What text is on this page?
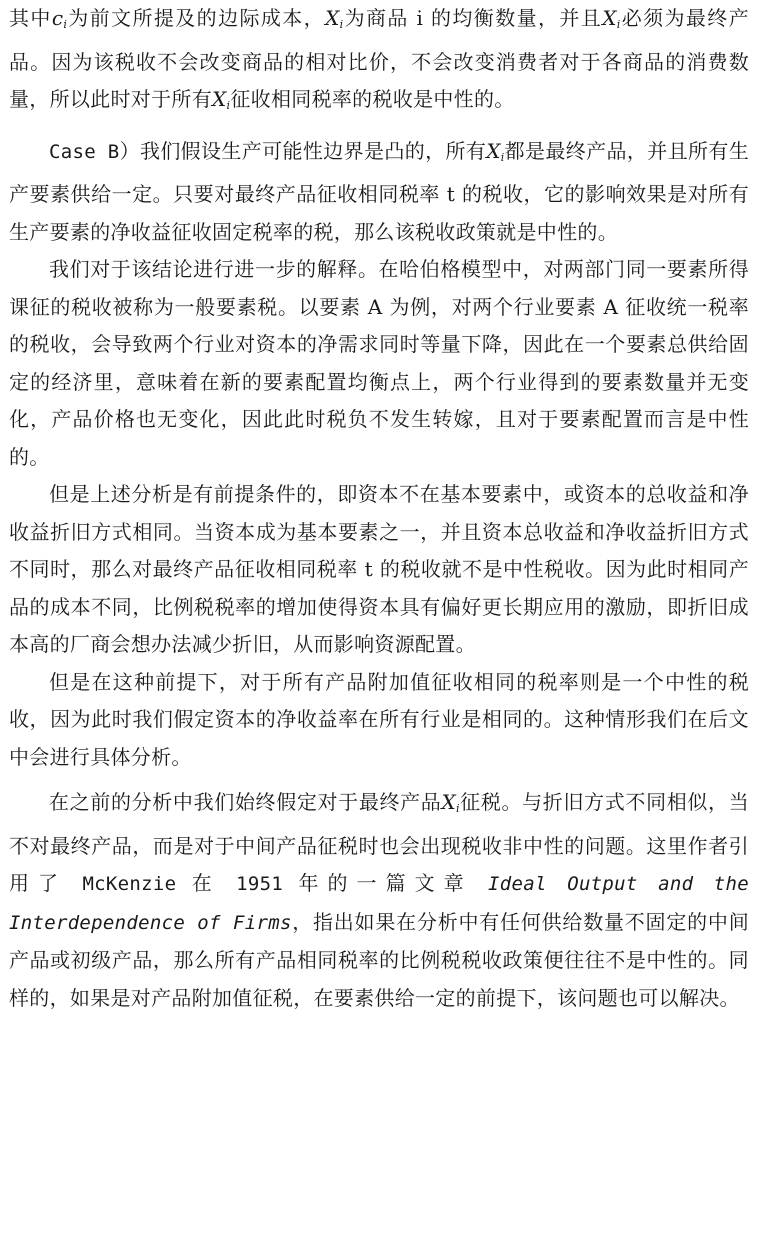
其中$c_i$为前文所提及的边际成本，$X_i$为商品 i 的均衡数量，并且$X_i$必须为最终产品。因为该税收不会改变商品的相对比价，不会改变消费者对于各商品的消费数量，所以此时对于所有$X_i$征收相同税率的税收是中性的。

Case B）我们假设生产可能性边界是凸的，所有$X_i$都是最终产品，并且所有生产要素供给一定。只要对最终产品征收相同税率 t 的税收，它的影响效果是对所有生产要素的净收益征收固定税率的税，那么该税收政策就是中性的。

我们对于该结论进行进一步的解释。在哈伯格模型中，对两部门同一要素所得课征的税收被称为一般要素税。以要素 A 为例，对两个行业要素 A 征收统一税率的税收，会导致两个行业对资本的净需求同时等量下降，因此在一个要素总供给固定的经济里，意味着在新的要素配置均衡点上，两个行业得到的要素数量并无变化，产品价格也无变化，因此此时税负不发生转嫁，且对于要素配置而言是中性的。

但是上述分析是有前提条件的，即资本不在基本要素中，或资本的总收益和净收益折旧方式相同。当资本成为基本要素之一，并且资本总收益和净收益折旧方式不同时，那么对最终产品征收相同税率 t 的税收就不是中性税收。因为此时相同产品的成本不同，比例税税率的增加使得资本具有偏好更长期应用的激励，即折旧成本高的厂商会想办法减少折旧，从而影响资源配置。

但是在这种前提下，对于所有产品附加值征收相同的税率则是一个中性的税收，因为此时我们假定资本的净收益率在所有行业是相同的。这种情形我们在后文中会进行具体分析。

在之前的分析中我们始终假定对于最终产品$X_i$征税。与折旧方式不同相似，当不对最终产品，而是对于中间产品征税时也会出现税收非中性的问题。这里作者引用了 McKenzie 在 1951 年的一篇文章 Ideal Output and the Interdependence of Firms，指出如果在分析中有任何供给数量不固定的中间产品或初级产品，那么所有产品相同税率的比例税税收政策便往往不是中性的。同样的，如果是对产品附加值征税，在要素供给一定的前提下，该问题也可以解决。
